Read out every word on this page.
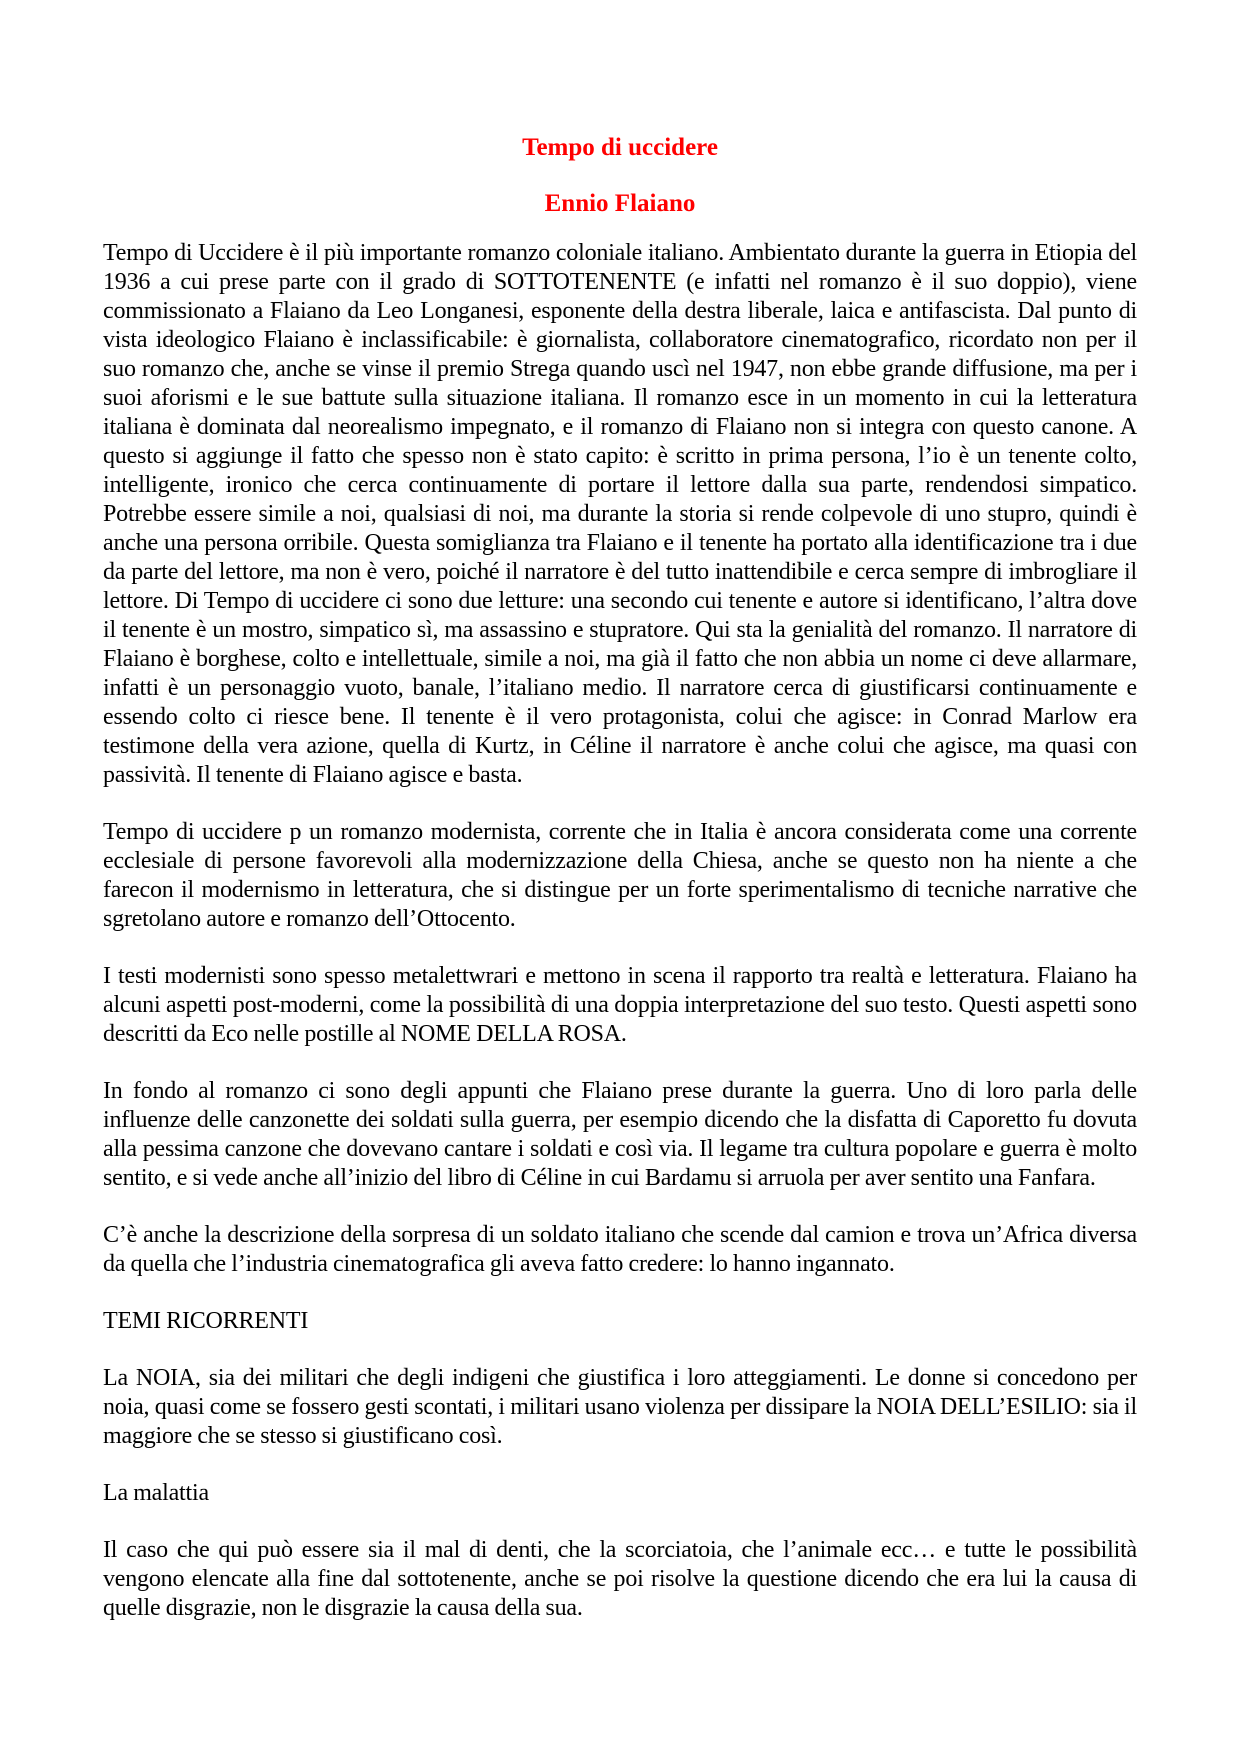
Tempo di uccidere
Ennio Flaiano

Tempo di Uccidere è il più importante romanzo coloniale italiano. Ambientato durante la guerra in Etiopia del 1936 a cui prese parte con il grado di SOTTOTENENTE (e infatti nel romanzo è il suo doppio), viene commissionato a Flaiano da Leo Longanesi, esponente della destra liberale, laica e antifascista. Dal punto di vista ideologico Flaiano è inclassificabile: è giornalista, collaboratore cinematografico, ricordato non per il suo romanzo che, anche se vinse il premio Strega quando uscì nel 1947, non ebbe grande diffusione, ma per i suoi aforismi e le sue battute sulla situazione italiana. Il romanzo esce in un momento in cui la letteratura italiana è dominata dal neorealismo impegnato, e il romanzo di Flaiano non si integra con questo canone. A questo si aggiunge il fatto che spesso non è stato capito: è scritto in prima persona, l’io è un tenente colto, intelligente, ironico che cerca continuamente di portare il lettore dalla sua parte, rendendosi simpatico. Potrebbe essere simile a noi, qualsiasi di noi, ma durante la storia si rende colpevole di uno stupro, quindi è anche una persona orribile. Questa somiglianza tra Flaiano e il tenente ha portato alla identificazione tra i due da parte del lettore, ma non è vero, poiché il narratore è del tutto inattendibile e cerca sempre di imbrogliare il lettore. Di Tempo di uccidere ci sono due letture: una secondo cui tenente e autore si identificano, l’altra dove il tenente è un mostro, simpatico sì, ma assassino e stupratore. Qui sta la genialità del romanzo. Il narratore di Flaiano è borghese, colto e intellettuale, simile a noi, ma già il fatto che non abbia un nome ci deve allarmare, infatti è un personaggio vuoto, banale, l’italiano medio. Il narratore cerca di giustificarsi continuamente e essendo colto ci riesce bene. Il tenente è il vero protagonista, colui che agisce: in Conrad Marlow era testimone della vera azione, quella di Kurtz, in Céline il narratore è anche colui che agisce, ma quasi con passività. Il tenente di Flaiano agisce e basta.

Tempo di uccidere p un romanzo modernista, corrente che in Italia è ancora considerata come una corrente ecclesiale di persone favorevoli alla modernizzazione della Chiesa, anche se questo non ha niente a che farecon il modernismo in letteratura, che si distingue per un forte sperimentalismo di tecniche narrative che sgretolano autore e romanzo dell’Ottocento.

I testi modernisti sono spesso metalettwrari e mettono in scena il rapporto tra realtà e letteratura. Flaiano ha alcuni aspetti post-moderni, come la possibilità di una doppia interpretazione del suo testo. Questi aspetti sono descritti da Eco nelle postille al NOME DELLA ROSA.

In fondo al romanzo ci sono degli appunti che Flaiano prese durante la guerra. Uno di loro parla delle influenze delle canzonette dei soldati sulla guerra, per esempio dicendo che la disfatta di Caporetto fu dovuta alla pessima canzone che dovevano cantare i soldati e così via. Il legame tra cultura popolare e guerra è molto sentito, e si vede anche all’inizio del libro di Céline in cui Bardamu si arruola per aver sentito una Fanfara.

C’è anche la descrizione della sorpresa di un soldato italiano che scende dal camion e trova un’Africa diversa da quella che l’industria cinematografica gli aveva fatto credere: lo hanno ingannato.

TEMI RICORRENTI

La NOIA, sia dei militari che degli indigeni che giustifica i loro atteggiamenti. Le donne si concedono per noia, quasi come se fossero gesti scontati, i militari usano violenza per dissipare la NOIA DELL’ESILIO: sia il maggiore che se stesso si giustificano così.

La malattia

Il caso che qui può essere sia il mal di denti, che la scorciatoia, che l’animale ecc… e tutte le possibilità vengono elencate alla fine dal sottotenente, anche se poi risolve la questione dicendo che era lui la causa di quelle disgrazie, non le disgrazie la causa della sua.
